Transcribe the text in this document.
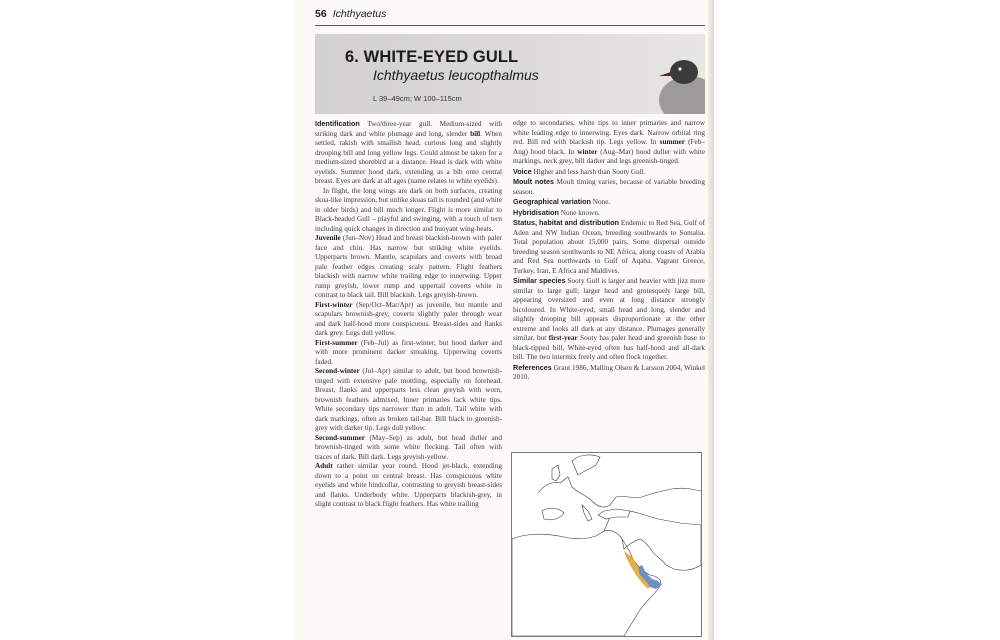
56 Ichthyaetus
6. WHITE-EYED GULL
Ichthyaetus leucopthalmus
L 39–49cm; W 100–115cm

Identification Two/three-year gull. Medium-sized with striking dark and white plumage and long, slender bill. When settled, rakish with smallish head, curious long and slightly drooping bill and long yellow legs. Could almost be taken for a medium-sized shorebird at a distance. Head is dark with white eyelids. Summer hood dark, extending as a bib onto central breast. Eyes are dark at all ages (name relates to white eyelids).

In flight, the long wings are dark on both surfaces, creating skua-like impression, but unlike skuas tail is rounded (and white in older birds) and bill much longer. Flight is more similar to Black-headed Gull – playful and swinging, with a touch of tern including quick changes in direction and buoyant wing-beats.

Juvenile (Jun–Nov) Head and breast blackish-brown with paler face and chin. Has narrow but striking white eyelids. Upperparts brown. Mantle, scapulars and coverts with broad pale feather edges creating scaly pattern. Flight feathers blackish with narrow white trailing edge to innerwing. Upper rump greyish, lower rump and uppertail coverts white in contrast to black tail. Bill blackish. Legs greyish-brown.

First-winter (Sep/Oct–Mar/Apr) as juvenile, but mantle and scapulars brownish-grey, coverts slightly paler through wear and dark half-hood more conspicuous. Breast-sides and flanks dark grey. Legs dull yellow.

First-summer (Feb–Jul) as first-winter, but hood darker and with more prominent darker streaking. Upperwing coverts faded.

Second-winter (Jul–Apr) similar to adult, but hood brownish-tinged with extensive pale mottling, especially on forehead. Breast, flanks and upperparts less clean greyish with worn, brownish feathers admixed. Inner primaries lack white tips. White secondary tips narrower than in adult. Tail white with dark markings, often as broken tail-bar. Bill black to greenish-grey with darker tip. Legs dull yellow.

Second-summer (May–Sep) as adult, but head duller and brownish-tinged with some white flecking. Tail often with traces of dark. Bill dark. Legs greyish-yellow.

Adult rather similar year round. Hood jet-black, extending down to a point on central breast. Has conspicuous white eyelids and white hindcollar, contrasting to greyish breast-sides and flanks. Underbody white. Upperparts blackish-grey, in slight contrast to black flight feathers. Has white trailing

edge to secondaries, white tips to inner primaries and narrow white leading edge to innerwing. Eyes dark. Narrow orbital ring red. Bill red with blackish tip. Legs yellow. In summer (Feb–Aug) hood black. In winter (Aug–Mar) hood duller with white markings, neck grey, bill darker and legs greenish-tinged.

Voice Higher and less harsh than Sooty Gull.

Moult notes Moult timing varies, because of variable breeding season.

Geographical variation None.

Hybridisation None known.

Status, habitat and distribution Endemic to Red Sea, Gulf of Aden and NW Indian Ocean, breeding southwards to Somalia. Total population about 15,000 pairs. Some dispersal outside breeding season southwards to NE Africa, along coasts of Arabia and Red Sea northwards to Gulf of Aqaba. Vagrant Greece, Turkey, Iran, E Africa and Maldives.

Similar species Sooty Gull is larger and heavier with jizz more similar to large gull; larger head and grotesquely large bill, appearing oversized and even at long distance strongly bicoloured. In White-eyed, small head and long, slender and slightly drooping bill appears disproportionate at the other extreme and looks all dark at any distance. Plumages generally similar, but first-year Sooty has paler head and greenish base to black-tipped bill, White-eyed often has half-hood and all-dark bill. The two intermix freely and often flock together.

References Grant 1986, Malling Olsen & Larsson 2004, Winkel 2010.
